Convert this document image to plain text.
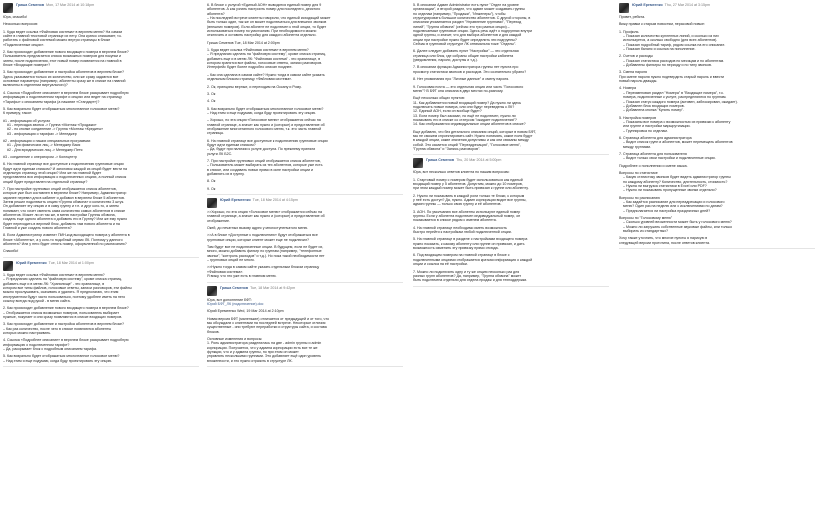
Гриша Семенов Mon, 17 Mar 2014 at 10:18pm
Юра, спасибо!
Несколько вопросов:
1. Куда ведет ссылка «Файловая система» в верхнем меню? На самом
сайте в главной текстовой странице их нету. Она кратко описывает, т.к.
работать с файловой системой можно внутри страницы в блоке
«Подключенные опции».
2. Как происходит добавление нового входящего номера в верхнем блоке?
Пользователь предлагается список возможных номеров для покупки и
затем, после подключения, этот новый номер появляется на главной в
блоке «Входящие номера»?
3. Как происходит добавление и настройка абонентов в верхнем блоке?
Здесь указывается только их количество, или же сразу задаются все
основные параметры (например, абоненты сразу же в списке на главной
включены в отделении виртуального)?
4. Ссылка «Подробнее описание» в верхнем блоке раскрывает подробную
информацию о подключенном тарифе и опциях или ведет на страницу
«Тарифы» с описанием тарифа (а нажатие «Стандарт»)?
5. Как визуально будет отображаться многоэтапное голосовое меню?
К примеру, такое:
#1 - информация об услугах
#1 - пересадка звонка -> Группа «Монтаж «Продажи»
#2 - по кнопке соединение -> Группа «Монтаж «Кредиты»
#3 - информация о тарифах -> Менеджер
#2 - информация о наших специальных программах
#1 - Для физических лиц -> Менеджер Вася
#2 - Для юридических лиц -> Менеджер Петя
#3 - соединение с оператором -> Коллцентр
6. На главной странице все доступные к подключению групповые опции
будут идти единым списком? И заголовок каждой из опций будет вести на
отдельную страницу этой опции? Или же на главной будет
представлена вся информация о подключенных опциях, а полный список
опций будет представлен на отдельной странице?
7. При настройке групповых опций отображается список абонентов,
которые уже был составлен в верхнем блоке? Например, Администратор
заранее перевел для в кабинет и добавил в верхнем блоке 5 абонентов.
Затем решил подключить опцию «Группа обзвона» и количество 3 штук.
Он добавляет эту опцию и в саму группу и т.н. и друг кого-то, а затем
понимает, что хочет сменить сама количество самых абонентов в списке
абонентов. Может ли он так же, в меню настройки Группы обзвона,
создать еще одного абонента и добавить его в Группу? Или же ему нужно
будет переходить в верхний блок, добавить там нового абонента и на
Главной и уже создать нового абонента?
8. Если Администратор изменит ПИН-код выходящего номера у абонента в
блоке «Абоненты», а у кого-то подобный сервис ЛК. Поэтому у данного
абонента? Или у него будет отнять номер, оформленной по расписанию?
Спасибо!
Юрий Еремеенко Tue, 18 Mar 2014 at 1:00pm
1. Куда ведет ссылка «Файловая система» в верхнем меню?
– Я предлагаю сделать на "файловую систему", кроме списка страниц,
добавить еще и в меню ЛК: "Хранилище" - это хранилище, в
котором все типы файлов, голосовые ответы, записи разговоров, эти файлы
можно прослушивать, скачивать и удалять. Я предполагаю, что этим
инструментом будут часто пользоваться, поэтому удобнее иметь на него
ссылку всегда под рукой - в меню сайта.
2. Как происходит добавление нового входящего номера в верхнем блоке?
– Отображается список возможных номеров, пользователь выбирает
нужные, покупает и они сразу появляются в списке входящих номеров.
3. Как происходит добавление и настройка абонентов в верхнем блоке?
– Как раз количество, после чего в списке появляются абоненты
которых можно настраивать.
4. Ссылка «Подробнее описание» в верхнем блоке раскрывает подробную
информацию о подключенном тарифе?
– Да, раскрывает блок с подробным описанием тарифа.
5. Как визуально будет отображаться многоэтапное голосовое меню?
– Над этим я еще подумаю, когда буду проектировать эту опцию.
6. В блоке с услугой «Единый АОН» выводится единый номер для 9
абонентов. А как узнать настроить номер для последнего, десятого
абонента?
– На последней встрече клиенты говорили, что единый исходящий может
быть только один, так же он может подключаться для внешних звонков
(внешних номеров). Если абонент не подключен к этой опции, то будет
использоваться номер по умолчанию. При необходимости можно
отключить и оставить настройку для каждого абонента отдельно.
Гриша Семенов Tue, 18 Mar 2014 at 2:00pm
1. Куда ведет ссылка «Файловая система» в верхнем меню?
– Я предлагаю сделать на "файловую систему", кроме списка страниц,
добавить еще и в меню ЛК: "Файловая система" - это хранилище, в
котором хранятся все файлы, голосовые ответы, записи разговоров.
Интерфейс будет более подробно описан позднее.
– Как она сделана в самом сайте? Нужно тогда в самом сайте указать
отдельным блоком страницу «Файловая система».
2. Ок, принципы верные, и переходим на Оксану и Рому.
3. Ок
4. Ок
5. Как визуально будет отображаться многоэтапное голосовое меню?
– Над этим я еще подумаю, когда буду проектировать эту опцию.
– Хорошо, но эта опция «Голосовое меню» отображается сейчас на
главной странице, а значит как нужно и (которые) и представление об
отображение многоэтапного голосового меню, т.к. это часть главной
страницы.
6. На главной странице все доступные к подключению групповые опции
будут идти единым списком?
– Да, будут при наличии к услуге доступа. По прежнему приняли
услуги ЛК Б2С.
7. При настройке групповых опций отображается список абонентов,
– Пользователь может выбирать из тех абонентов, которые уже есть
в списке, или создавать новых прямо в окне настройки опции и
добавлять их в группу.
8. Ок
9. Ок
Юрий Еремеенко Tue, 18 Mar 2014 at 4:15pm
>>Хорошо, но эта опция «Голосовое меню» отображается сейчас на
главной странице, а значит как нужно и (которые) и представление об
отображение.
Окей, до печатных вызову адрес у многоступенчатого меню.
>>А в блоке «Доступные к подключению» будут отображаться все
групповые опции, которые клиент может еще не подключил?
Там будут все не подключенные опции. В будущем, если не будет их,
много, можно добавить фильтр по группам (например, "телефонные
звонки", "контроль расходов" и т.д.). Но пока такой необходимости нет
– групповых опций не много.
>>Нужно тогда в самом сайте указать отдельным блоком страницу
«Файловая система».
Я вижу, что это уже есть в главном меню.
Гриша Семенов Tue, 18 Mar 2014 at 9:42pm
Юра, вот дополнение БФТ:
Юрий БФТ_ЛК (подключение).doc
Юрий Еремеенко Wed, 19 Mar 2014 at 2:10pm
Новая версия БФТ (маленькие) отличается от предыдущей и от того, что
мы обсуждали с клиентами на последней встрече. Некоторые отличия
существенные - они требуют переработки и структуры сайта, и состава
блоков.
Основные изменения и вопросы:
1. Роль администратора разделилась на две - admin группы и admin
корпорации. Получается, что у админа корпорации есть все те же
функции, что и у админа группы, но при этом он может
управлять несколькими группами. Это добавляет ещё один уровень
вложенности, и это нужно отразить в структуре ЛК.
5. В описании Админ Administrator есть пункт "Отдел на уровне
организации", и второй раздел, что админ может создавать группы
по отделам (например, "Продажи", "Инженеры"), чтобы
структурировать большое количество абонентов. С другой стороны, в
описании упоминается раздел "Управление группами", "Переход
линий", "Группа обзвона" (сейчас это три разных опции) –
подключаемые групповые опции. Здесь речь идёт о подгруппах внутри
одной группы, и значит, что для выбора абонентов и для каждой
опции при настройке нужно будет определить эти подгруппы?
Сейчас в групповой структуре ЛК оптимальна тоже "Отделы".
6. Далее следует добавить пункт "Настройки" — это отдельная
страница или блок, где собраны общие настройки кабинета
(уведомления, пароли, доступы и т.д.).
7. В описании функции Администратора группы нет пункта про
просмотр статистики звонков и расходов. Это сознательно убрано?
8. Нет упоминания про "Личные данные" и смену пароля.
9. Голосовая почта — это отдельная опция или часть "Голосового
меню"? В БФТ она описана в двух местах по-разному.
Ещё несколько общих пунктов:
11. Как добавляется новый входящий номер? Да нужно ли здесь
подключать новые номера, или они будут переведены к ЛК?
12. Единый АОН, если он вообще будет?
13. Если номер был заказан, но ещё не подключен, нужно ли
показывать его в списке со статусом "ожидает подключения"?
14. Как отображаются индивидуальные опции абонентов в списке?
Еще добавлю, что без детального описания опций, которые в новом БФТ,
мы не сможем спроектировать сайт. Нужно понимать, какие поля будут
в каждой опции, какие значения допустимы и как они связаны между
собой. Это касается опций "Переадресация", "Голосовое меню",
"Группа обзвона" и "Запись разговоров".
Гриша Семенов Thu, 20 Mar 2014 at 5:00pm
Юра, вот несколько ответов клиента по нашим вопросам:
1. Стартовый номер с номером будет использоваться как единый
входящий номер у 5 абонентов. Допустим, можно до 10 номеров,
при этом каждый номер может быть привязан к группе или абоненту.
2. Нужно ли показывать в каждой роли только те блоки, к которым
у неё есть доступ? Да, нужно. Админ корпорации видит все группы,
админ группы — только свою группу и её абонентов.
3. АОН. По умолчанию все абоненты используют единый номер
группы. Если у абонента подключен индивидуальный номер, он
показывается в списке рядом с именем абонента.
4. На главной странице необходимо иметь возможность
быстро перейти к настройкам любой подключенной опции.
5. На главной странице в разделе с настройками входящего номера
нужно показать, к какому абоненту или группе он привязан, и дать
возможность изменить эту привязку прямо отсюда.
6. Под входящим номером на главной странице в блоке с
подключенными опциями отображается краткая информация о каждой
опции и ссылка на её настройки.
7. Можно ли подключить одну и ту же опцию несколько раз для
разных групп абонентов? Да, например, "Группа обзвона" может
быть подключена отдельно для отдела продаж и для техподдержки.
Юрий Еремеенко Thu, 27 Mar 2014 at 3:15pm
Привет, ребята.
Вижу правки к старым новостям, нерасовой новые:
1. Профиль
– Показан количество купленных линий, и сколько из них
используется, а сколько свободно (для всех абонентов).
– Показан подробный тариф, рядом ссылка на его описание.
– Показан баланс и ссылка на пополнение.
2. Счетов и расходы
– Показан статистика расходов по месяцам и по абонентам.
– Добавлены фильтры по периоду и по типу звонков.
3. Смена пароля
При смене пароля нужно подтвердить старый пароль и ввести
новый пароль дважды.
4. Номера
– Переименован раздел "Номера" в "Входящие номера", т.к.
номера, подключенные к услуге, распределяются по группам.
– Показан статус каждого номера (активен, заблокирован, ожидает).
– Добавлен блок входящих номеров.
– Добавлена кнопка "Купить номер".
5. Настройка номеров
– Показаны все номера с возможностью их привязки к абоненту
или группе и настройки маршрутизации.
– Группировка по отделам.
6. Страница абонента для администратора
– Видит список групп и абонентов, может перемещать абонентов
между группами.
7. Страница абонента для пользователя
– Видит только свои настройки и подключенные опции.
Подробнее о пополнении и смене языка.
Вопросы по статистике
– Какую статистику звонков будет видеть администратор группы
по каждому абоненту? Количество, длительность, стоимость?
– Нужна ли выгрузка статистики в Excel или PDF?
– Нужно ли показывать пропущенные звонки отдельно?
Вопросы по расписанию
– Как задаётся расписание для переадресации и голосового
меню? Один раз на неделю или с исключениями по датам?
– Предполагается ли настройка праздничных дней?
Вопросы по "Голосовому меню"
– Сколько уровней вложенности может быть у голосового меню?
– Можно ли загружать собственные звуковые файлы, или только
выбирать из стандартных?
Хочу также уточнить, что многие пункты я нарисую в
следующей версии прототипа, после ответов клиента.
